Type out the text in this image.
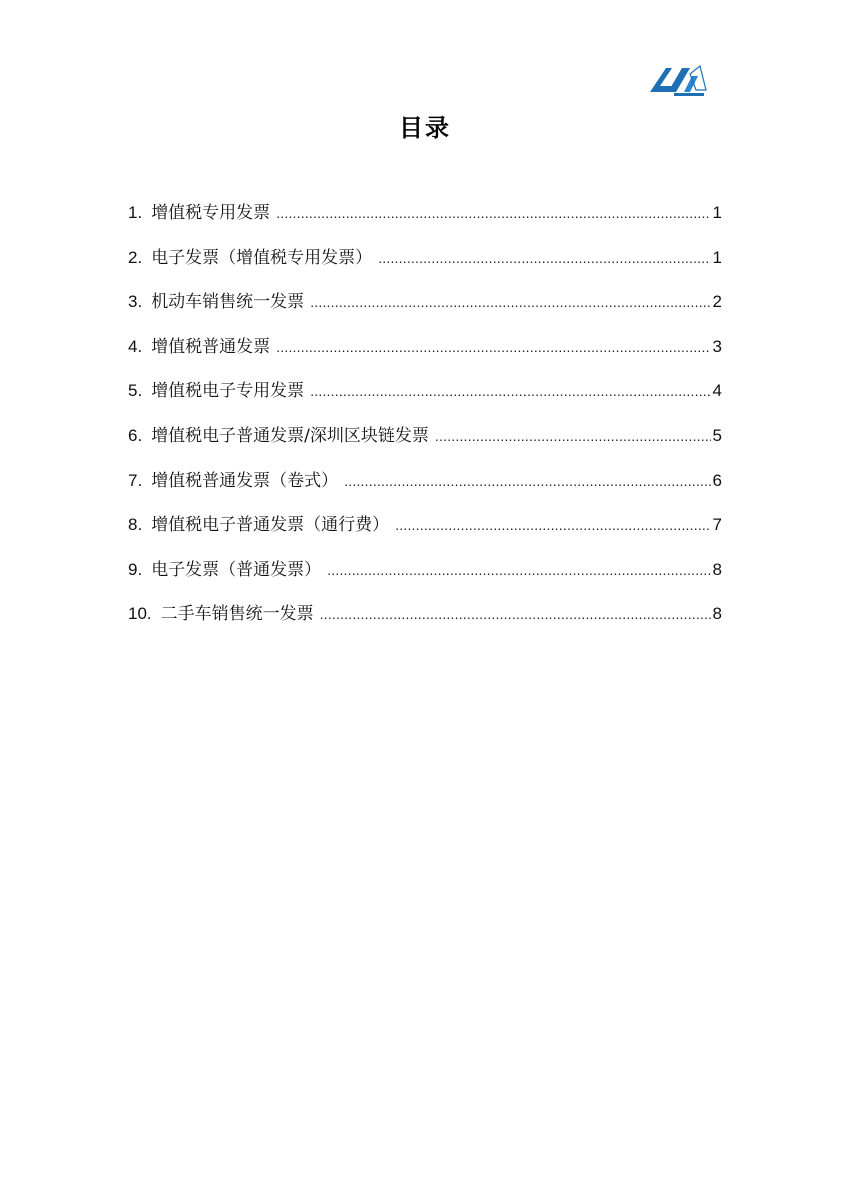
目录
1. 增值税专用发票 .....	1
2. 电子发票（增值税专用发票） .....	1
3. 机动车销售统一发票 .....	2
4. 增值税普通发票 .....	3
5. 增值税电子专用发票 .....	4
6. 增值税电子普通发票/深圳区块链发票 .....	5
7. 增值税普通发票（卷式） .....	6
8. 增值税电子普通发票（通行费） .....	7
9. 电子发票（普通发票） .....	8
10. 二手车销售统一发票 .....	8
